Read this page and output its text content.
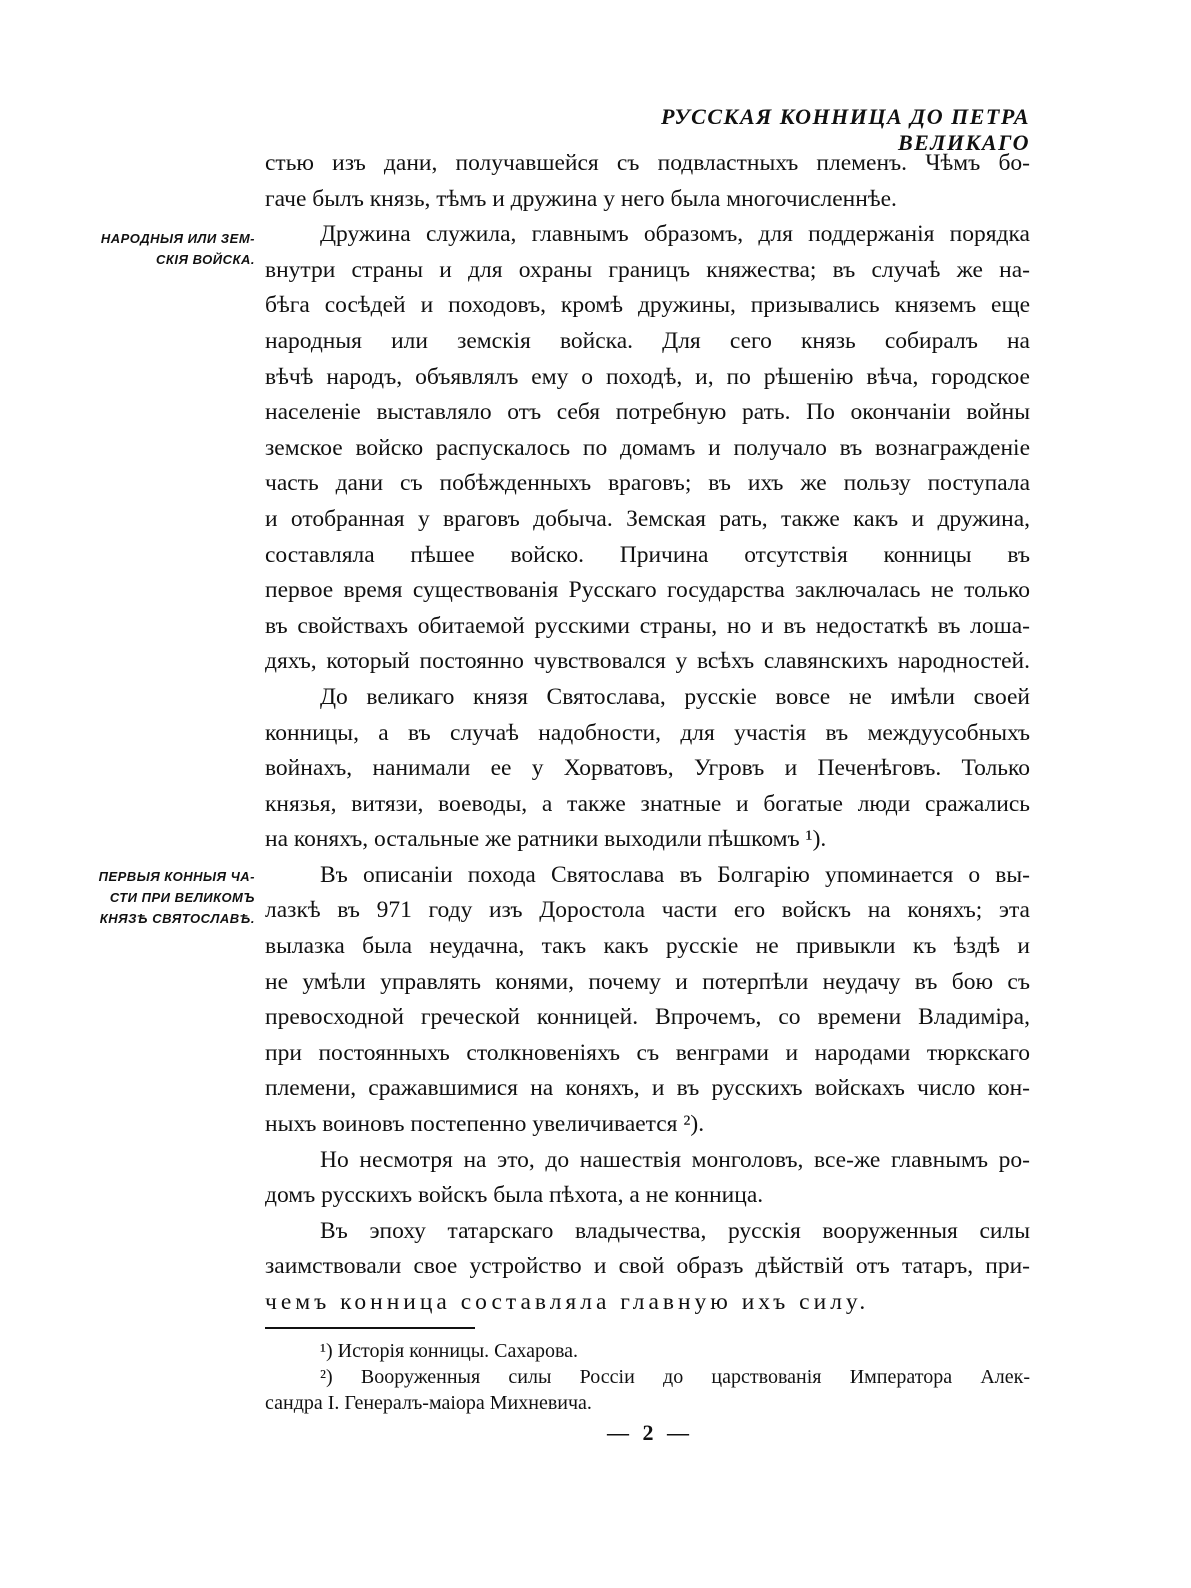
РУССКАЯ КОННИЦА ДО ПЕТРА ВЕЛИКАГО
НАРОДНЫЯ ИЛИ ЗЕМ-
СКІЯ ВОЙСКА.
ПЕРВЫЯ КОННЫЯ ЧА-
СТИ ПРИ ВЕЛИКОМЪ
КНЯЗѢ СВЯТОСЛАВѢ.
стью изъ дани, получавшейся съ подвластныхъ племенъ. Чѣмъ бо-
гаче былъ князь, тѣмъ и дружина у него была многочисленнѣе.
Дружина служила, главнымъ образомъ, для поддержанія порядка
внутри страны и для охраны границъ княжества; въ случаѣ же на-
бѣга сосѣдей и походовъ, кромѣ дружины, призывались княземъ еще
народныя или земскія войска. Для сего князь собиралъ на
вѣчѣ народъ, объявлялъ ему о походѣ, и, по рѣшенію вѣча, городское
населеніе выставляло отъ себя потребную рать. По окончаніи войны
земское войско распускалось по домамъ и получало въ вознагражденіе
часть дани съ побѣжденныхъ враговъ; въ ихъ же пользу поступала
и отобранная у враговъ добыча. Земская рать, также какъ и дружина,
составляла пѣшее войско. Причина отсутствія конницы въ
первое время существованія Русскаго государства заключалась не только
въ свойствахъ обитаемой русскими страны, но и въ недостаткѣ въ лоша-
дяхъ, который постоянно чувствовался у всѣхъ славянскихъ народностей.
До великаго князя Святослава, русскіе вовсе не имѣли своей
конницы, а въ случаѣ надобности, для участія въ междуусобныхъ
войнахъ, нанимали ее у Хорватовъ, Угровъ и Печенѣговъ. Только
князья, витязи, воеводы, а также знатные и богатые люди сражались
на коняхъ, остальные же ратники выходили пѣшкомъ ¹).
Въ описаніи похода Святослава въ Болгарію упоминается о вы-
лазкѣ въ 971 году изъ Доростола части его войскъ на коняхъ; эта
вылазка была неудачна, такъ какъ русскіе не привыкли къ ѣздѣ и
не умѣли управлять конями, почему и потерпѣли неудачу въ бою съ
превосходной греческой конницей. Впрочемъ, со времени Владиміра,
при постоянныхъ столкновеніяхъ съ венграми и народами тюркскаго
племени, сражавшимися на коняхъ, и въ русскихъ войскахъ число кон-
ныхъ воиновъ постепенно увеличивается ²).
Но несмотря на это, до нашествія монголовъ, все-же главнымъ ро-
домъ русскихъ войскъ была пѣхота, а не конница.
Въ эпоху татарскаго владычества, русскія вооруженныя силы
заимствовали свое устройство и свой образъ дѣйствій отъ татаръ, при-
чемъ конница составляла главную ихъ силу.
¹) Исторія конницы. Сахарова.
²) Вооруженныя силы Россіи до царствованія Императора Алек-
сандра I. Генералъ-маіора Михневича.
— 2 —
